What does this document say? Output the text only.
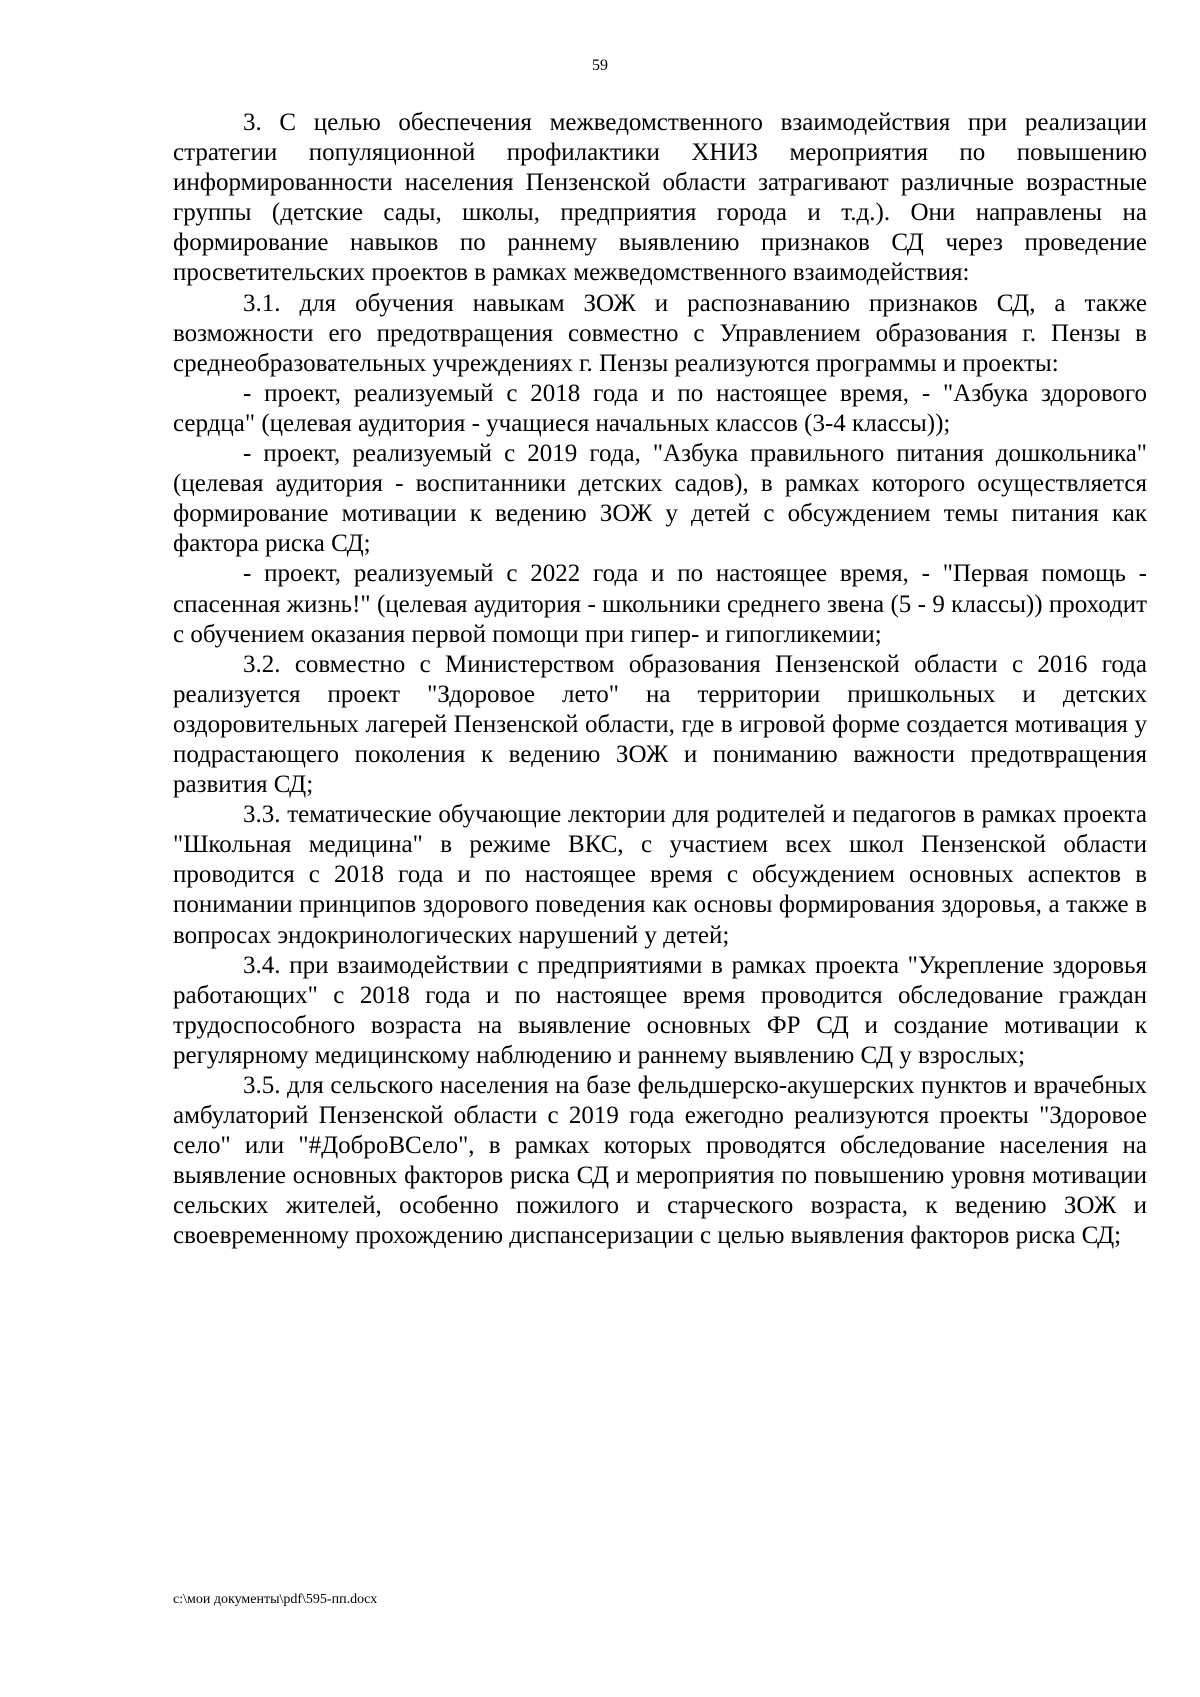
59

3. С целью обеспечения межведомственного взаимодействия при реализации стратегии популяционной профилактики ХНИЗ мероприятия по повышению информированности населения Пензенской области затрагивают различные возрастные группы (детские сады, школы, предприятия города и т.д.). Они направлены на формирование навыков по раннему выявлению признаков СД через проведение просветительских проектов в рамках межведомственного взаимодействия:

3.1. для обучения навыкам ЗОЖ и распознаванию признаков СД, а также возможности его предотвращения совместно с Управлением образования г. Пензы в среднеобразовательных учреждениях г. Пензы реализуются программы и проекты:

- проект, реализуемый с 2018 года и по настоящее время, - "Азбука здорового сердца" (целевая аудитория - учащиеся начальных классов (3-4 классы));

- проект, реализуемый с 2019 года, "Азбука правильного питания дошкольника" (целевая аудитория - воспитанники детских садов), в рамках которого осуществляется формирование мотивации к ведению ЗОЖ у детей с обсуждением темы питания как фактора риска СД;

- проект, реализуемый с 2022 года и по настоящее время, - "Первая помощь - спасенная жизнь!" (целевая аудитория - школьники среднего звена (5 - 9 классы)) проходит с обучением оказания первой помощи при гипер- и гипогликемии;

3.2. совместно с Министерством образования Пензенской области с 2016 года реализуется проект "Здоровое лето" на территории пришкольных и детских оздоровительных лагерей Пензенской области, где в игровой форме создается мотивация у подрастающего поколения к ведению ЗОЖ и пониманию важности предотвращения развития СД;

3.3. тематические обучающие лектории для родителей и педагогов в рамках проекта "Школьная медицина" в режиме ВКС, с участием всех школ Пензенской области проводится с 2018 года и по настоящее время с обсуждением основных аспектов в понимании принципов здорового поведения как основы формирования здоровья, а также в вопросах эндокринологических нарушений у детей;

3.4. при взаимодействии с предприятиями в рамках проекта "Укрепление здоровья работающих" с 2018 года и по настоящее время проводится обследование граждан трудоспособного возраста на выявление основных ФР СД и создание мотивации к регулярному медицинскому наблюдению и раннему выявлению СД у взрослых;

3.5. для сельского населения на базе фельдшерско-акушерских пунктов и врачебных амбулаторий Пензенской области с 2019 года ежегодно реализуются проекты "Здоровое село" или "#ДоброВСело", в рамках которых проводятся обследование населения на выявление основных факторов риска СД и мероприятия по повышению уровня мотивации сельских жителей, особенно пожилого и старческого возраста, к ведению ЗОЖ и своевременному прохождению диспансеризации с целью выявления факторов риска СД;

c:\мои документы\pdf\595-пп.docx
